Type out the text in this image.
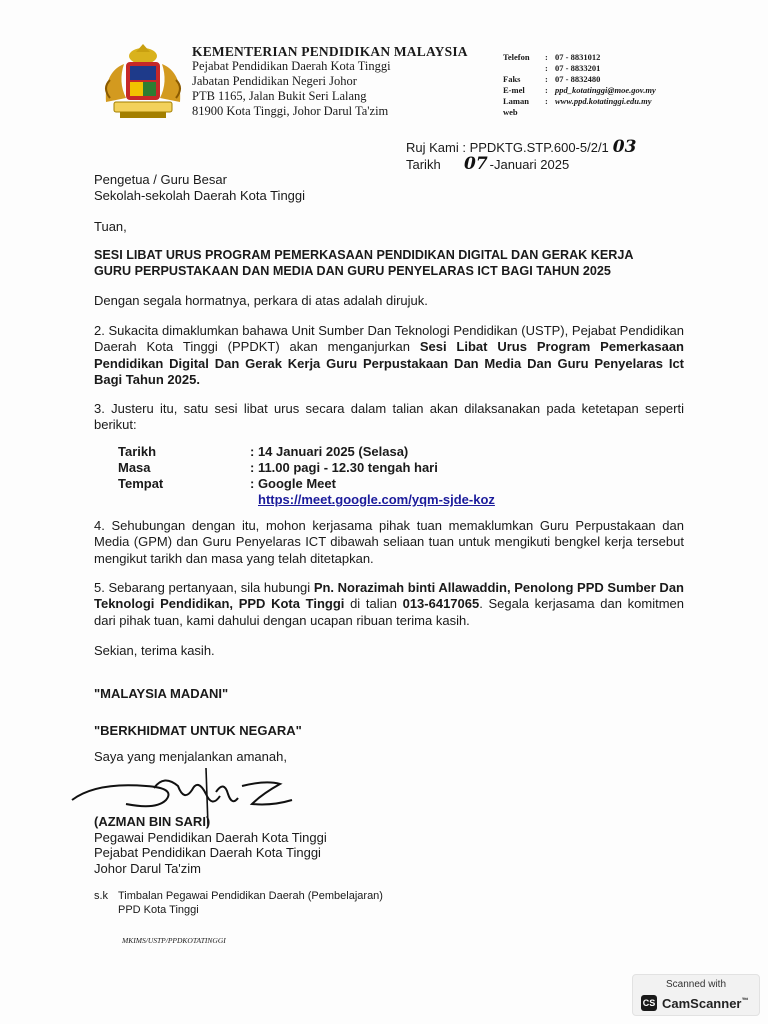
KEMENTERIAN PENDIDIKAN MALAYSIA
Pejabat Pendidikan Daerah Kota Tinggi
Jabatan Pendidikan Negeri Johor
PTB 1165, Jalan Bukit Seri Lalang
81900 Kota Tinggi, Johor Darul Ta'zim
Telefon	: 07 - 8831012
: 07 - 8833201
Faks	: 07 - 8832480
E-mel	: ppd_kotatinggi@moe.gov.my
Laman web
: www.ppd.kotatinggi.edu.my
Ruj Kami : PPDKTG.STP.600-5/2/1 03
Tarikh	07 -Januari 2025
Pengetua / Guru Besar
Sekolah-sekolah Daerah Kota Tinggi
Tuan,
SESI LIBAT URUS PROGRAM PEMERKASAAN PENDIDIKAN DIGITAL DAN GERAK KERJA
GURU PERPUSTAKAAN DAN MEDIA DAN GURU PENYELARAS ICT BAGI TAHUN 2025
Dengan segala hormatnya, perkara di atas adalah dirujuk.
2. Sukacita dimaklumkan bahawa Unit Sumber Dan Teknologi Pendidikan (USTP), Pejabat Pendidikan Daerah Kota Tinggi (PPDKT) akan menganjurkan Sesi Libat Urus Program Pemerkasaan Pendidikan Digital Dan Gerak Kerja Guru Perpustakaan Dan Media Dan Guru Penyelaras Ict Bagi Tahun 2025.
3. Justeru itu, satu sesi libat urus secara dalam talian akan dilaksanakan pada ketetapan seperti berikut:
Tarikh	: 14 Januari 2025 (Selasa)
Masa	: 11.00 pagi - 12.30 tengah hari
Tempat	: Google Meet
https://meet.google.com/yqm-sjde-koz
4. Sehubungan dengan itu, mohon kerjasama pihak tuan memaklumkan Guru Perpustakaan dan Media (GPM) dan Guru Penyelaras ICT dibawah seliaan tuan untuk mengikuti bengkel kerja tersebut mengikut tarikh dan masa yang telah ditetapkan.
5. Sebarang pertanyaan, sila hubungi Pn. Norazimah binti Allawaddin, Penolong PPD Sumber Dan Teknologi Pendidikan, PPD Kota Tinggi di talian 013-6417065. Segala kerjasama dan komitmen dari pihak tuan, kami dahului dengan ucapan ribuan terima kasih.
Sekian, terima kasih.
"MALAYSIA MADANI"
"BERKHIDMAT UNTUK NEGARA"
Saya yang menjalankan amanah,
(AZMAN BIN SARI)
Pegawai Pendidikan Daerah Kota Tinggi
Pejabat Pendidikan Daerah Kota Tinggi
Johor Darul Ta'zim
s.k Timbalan Pegawai Pendidikan Daerah (Pembelajaran)
PPD Kota Tinggi
MKIMS/USTP/PPDKOTATINGGI
Scanned with
CS CamScanner™
